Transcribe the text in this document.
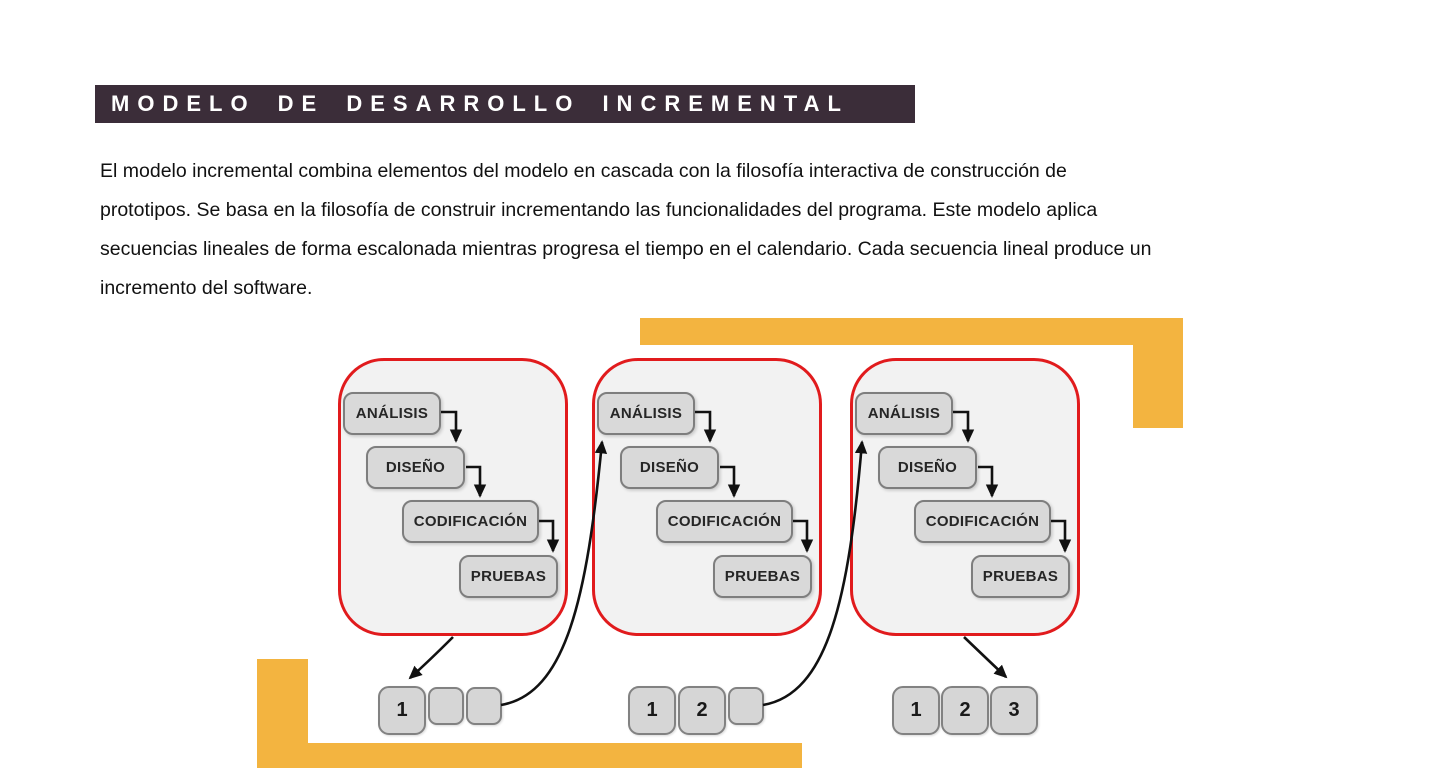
MODELO DE DESARROLLO INCREMENTAL
El modelo incremental combina elementos del modelo en cascada con la filosofía interactiva de construcción de
prototipos. Se basa en la filosofía de construir incrementando las funcionalidades del programa. Este modelo aplica
secuencias lineales de forma escalonada mientras progresa el tiempo en el calendario. Cada secuencia lineal produce un
incremento del software.
ANÁLISIS
DISEÑO
CODIFICACIÓN
PRUEBAS
ANÁLISIS
DISEÑO
CODIFICACIÓN
PRUEBAS
ANÁLISIS
DISEÑO
CODIFICACIÓN
PRUEBAS
1	1	2	1	2	3
